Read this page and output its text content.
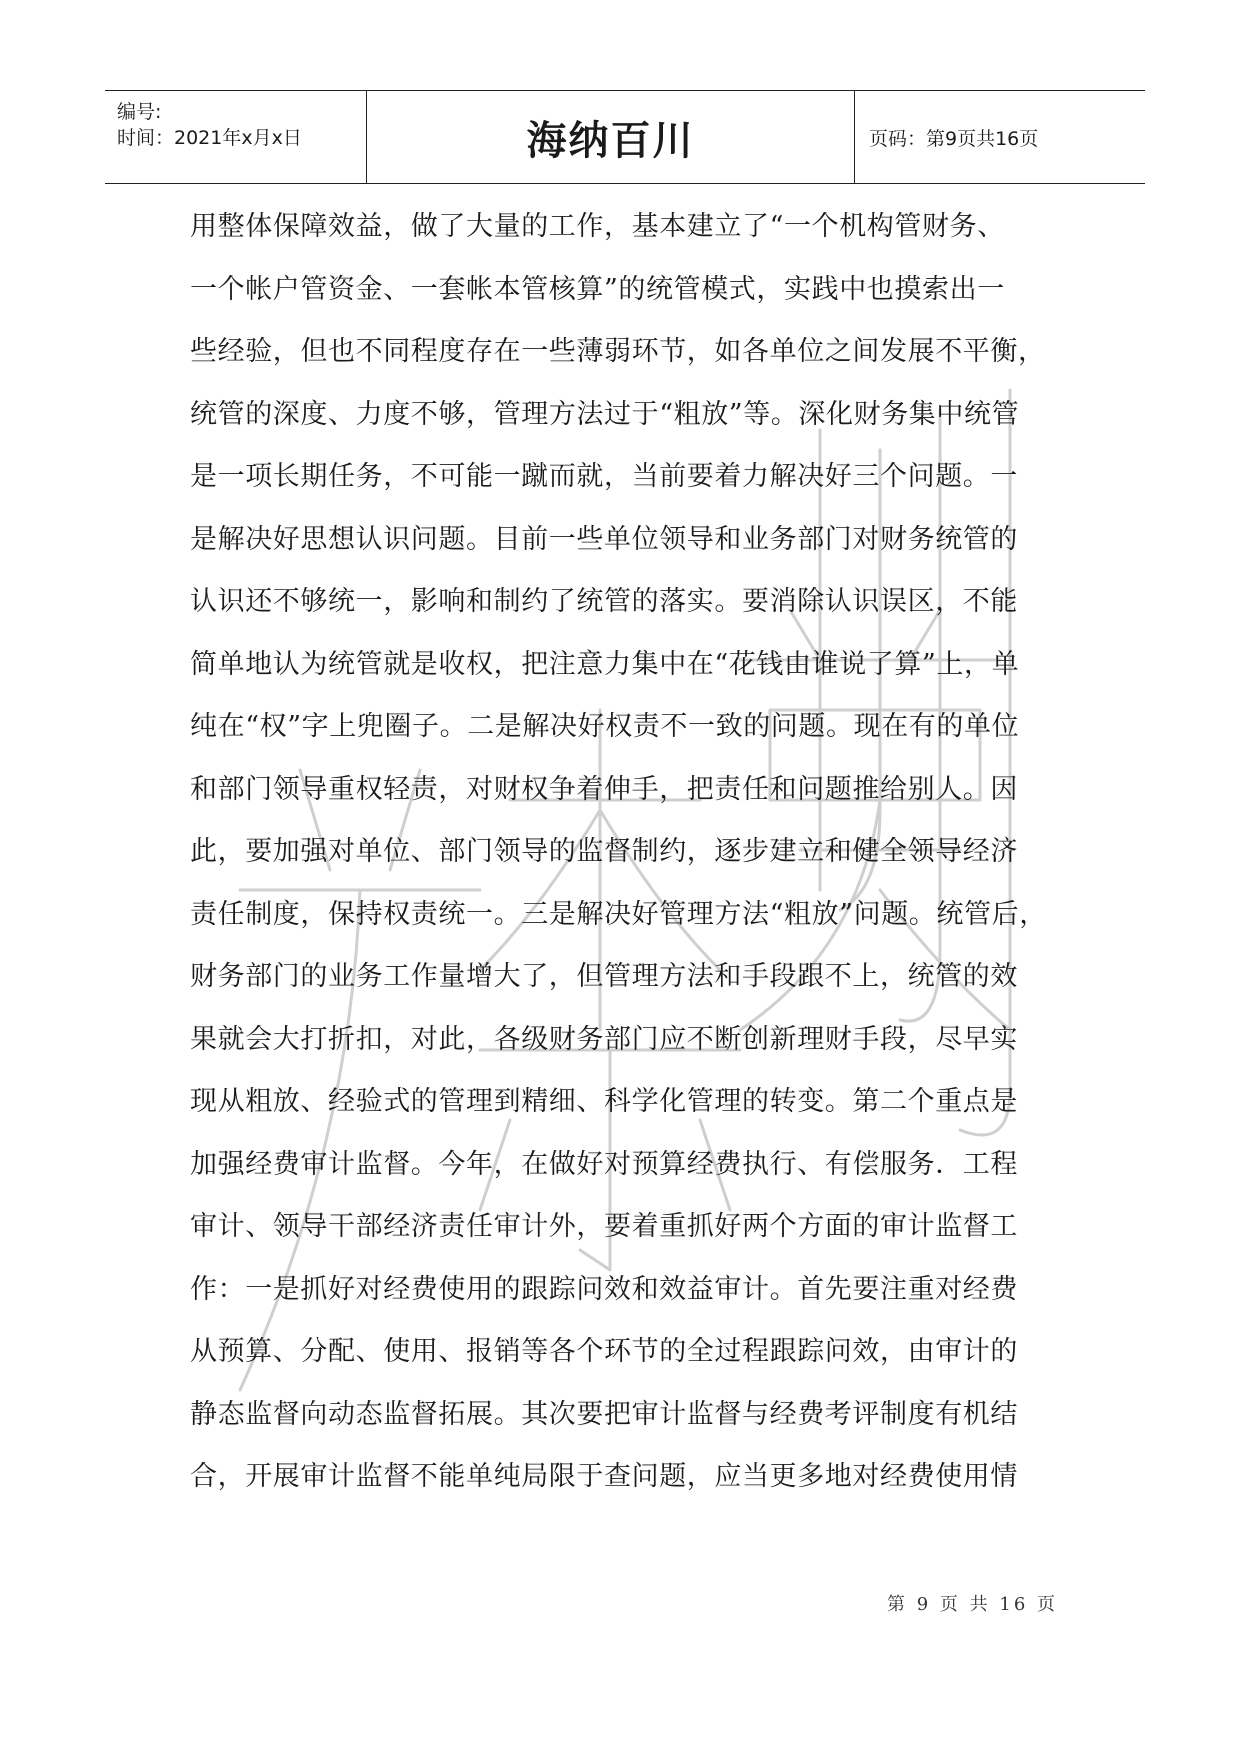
编号:
时间：2021年x月x日	海纳百川	页码：第9页共16页
用整体保障效益，做了大量的工作，基本建立了“一个机构管财务、
一个帐户管资金、一套帐本管核算”的统管模式，实践中也摸索出一
些经验，但也不同程度存在一些薄弱环节，如各单位之间发展不平衡，
统管的深度、力度不够，管理方法过于“粗放”等。深化财务集中统管
是一项长期任务，不可能一蹴而就，当前要着力解决好三个问题。一
是解决好思想认识问题。目前一些单位领导和业务部门对财务统管的
认识还不够统一，影响和制约了统管的落实。要消除认识误区，不能
简单地认为统管就是收权，把注意力集中在“花钱由谁说了算”上，单
纯在“权”字上兜圈子。二是解决好权责不一致的问题。现在有的单位
和部门领导重权轻责，对财权争着伸手，把责任和问题推给别人。因
此，要加强对单位、部门领导的监督制约，逐步建立和健全领导经济
责任制度，保持权责统一。三是解决好管理方法“粗放”问题。统管后，
财务部门的业务工作量增大了，但管理方法和手段跟不上，统管的效
果就会大打折扣，对此，各级财务部门应不断创新理财手段，尽早实
现从粗放、经验式的管理到精细、科学化管理的转变。第二个重点是
加强经费审计监督。今年，在做好对预算经费执行、有偿服务．工程
审计、领导干部经济责任审计外，要着重抓好两个方面的审计监督工
作：一是抓好对经费使用的跟踪问效和效益审计。首先要注重对经费
从预算、分配、使用、报销等各个环节的全过程跟踪问效，由审计的
静态监督向动态监督拓展。其次要把审计监督与经费考评制度有机结
合，开展审计监督不能单纯局限于查问题，应当更多地对经费使用情
第 9 页 共 16 页
